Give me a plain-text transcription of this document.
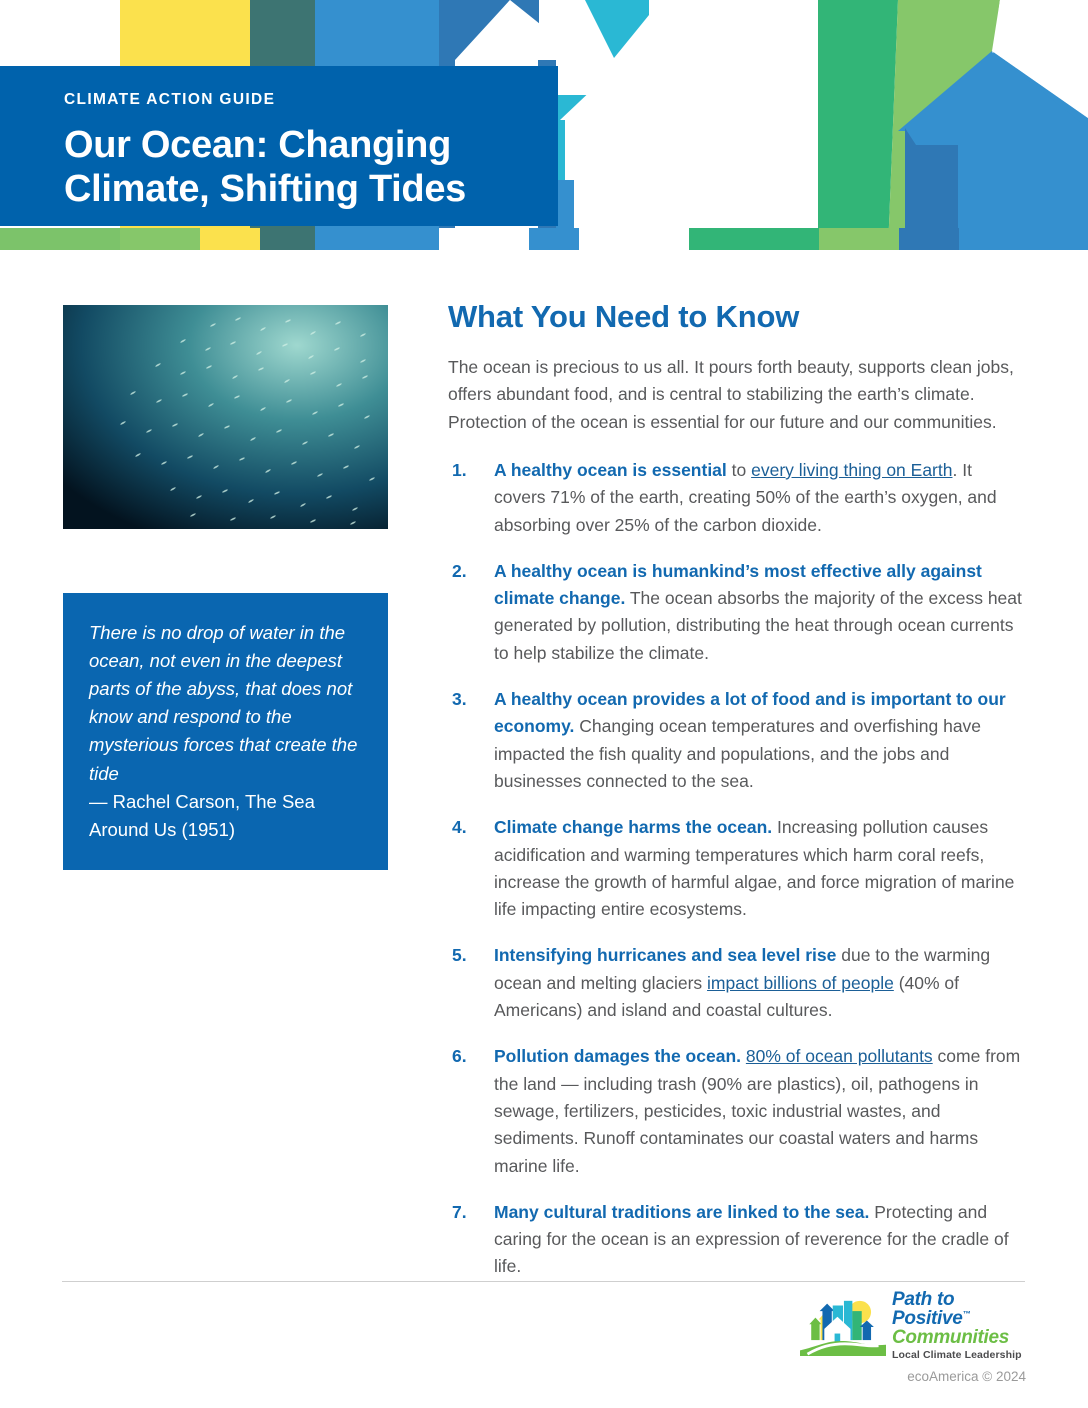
CLIMATE ACTION GUIDE
Our Ocean: Changing
Climate, Shifting Tides
There is no drop of water in the ocean, not even in the deepest parts of the abyss, that does not know and respond to the mysterious forces that create the tide
— Rachel Carson, The Sea Around Us (1951)
What You Need to Know

The ocean is precious to us all. It pours forth beauty, supports clean jobs, offers abundant food, and is central to stabilizing the earth’s climate. Protection of the ocean is essential for our future and our communities.

1. A healthy ocean is essential to every living thing on Earth. It covers 71% of the earth, creating 50% of the earth’s oxygen, and absorbing over 25% of the carbon dioxide.
2. A healthy ocean is humankind’s most effective ally against climate change. The ocean absorbs the majority of the excess heat generated by pollution, distributing the heat through ocean currents to help stabilize the climate.
3. A healthy ocean provides a lot of food and is important to our economy. Changing ocean temperatures and overfishing have impacted the fish quality and populations, and the jobs and businesses connected to the sea.
4. Climate change harms the ocean. Increasing pollution causes acidification and warming temperatures which harm coral reefs, increase the growth of harmful algae, and force migration of marine life impacting entire ecosystems.
5. Intensifying hurricanes and sea level rise due to the warming ocean and melting glaciers impact billions of people (40% of Americans) and island and coastal cultures.
6. Pollution damages the ocean. 80% of ocean pollutants come from the land — including trash (90% are plastics), oil, pathogens in sewage, fertilizers, pesticides, toxic industrial wastes, and sediments. Runoff contaminates our coastal waters and harms marine life.
7. Many cultural traditions are linked to the sea. Protecting and caring for the ocean is an expression of reverence for the cradle of life.
Path to Positive™
Communities
Local Climate Leadership
ecoAmerica © 2024
